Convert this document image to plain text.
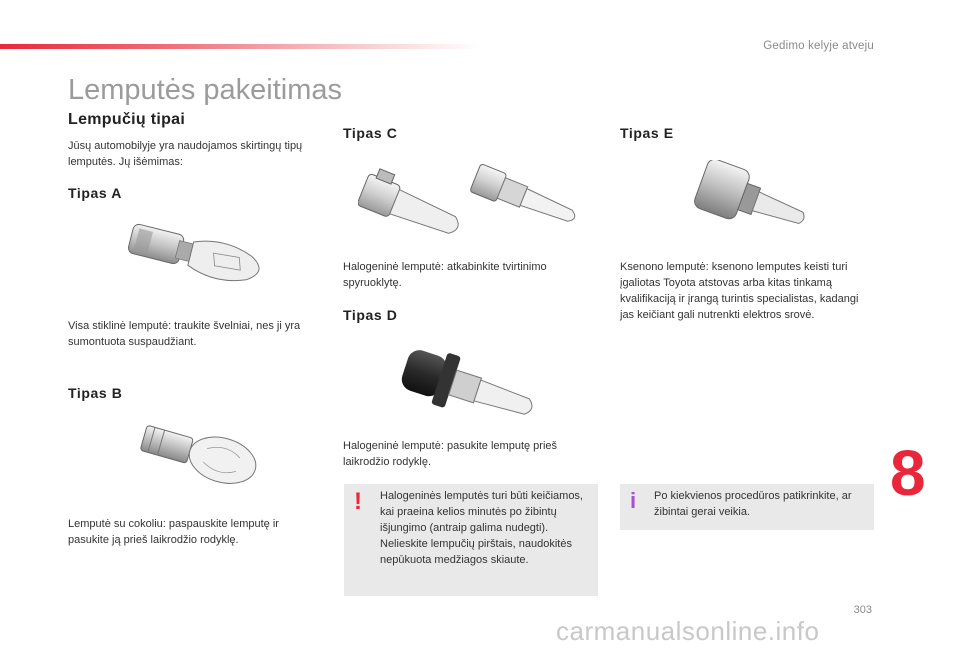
Gedimo kelyje atveju
Lemputės pakeitimas
Lempučių tipai
Jūsų automobilyje yra naudojamos skirtingų tipų lemputės. Jų išėmimas:
Tipas A
Visa stiklinė lemputė: traukite švelniai, nes ji yra sumontuota suspaudžiant.
Tipas B
Lemputė su cokoliu: paspauskite lemputę ir pasukite ją prieš laikrodžio rodyklę.
Tipas C
Halogeninė lemputė: atkabinkite tvirtinimo spyruoklytę.
Tipas D
Halogeninė lemputė: pasukite lemputę prieš laikrodžio rodyklę.
! Halogeninės lemputės turi būti keičiamos, kai praeina kelios minutės po žibintų išjungimo (antraip galima nudegti). Nelieskite lempučių pirštais, naudokitės nepūkuota medžiagos skiaute.
Tipas E
Ksenono lemputė: ksenono lemputes keisti turi įgaliotas Toyota atstovas arba kitas tinkamą kvalifikaciją ir įrangą turintis specialistas, kadangi jas keičiant gali nutrenkti elektros srovė.
i Po kiekvienos procedūros patikrinkite, ar žibintai gerai veikia.
8
303
carmanualsonline.info
